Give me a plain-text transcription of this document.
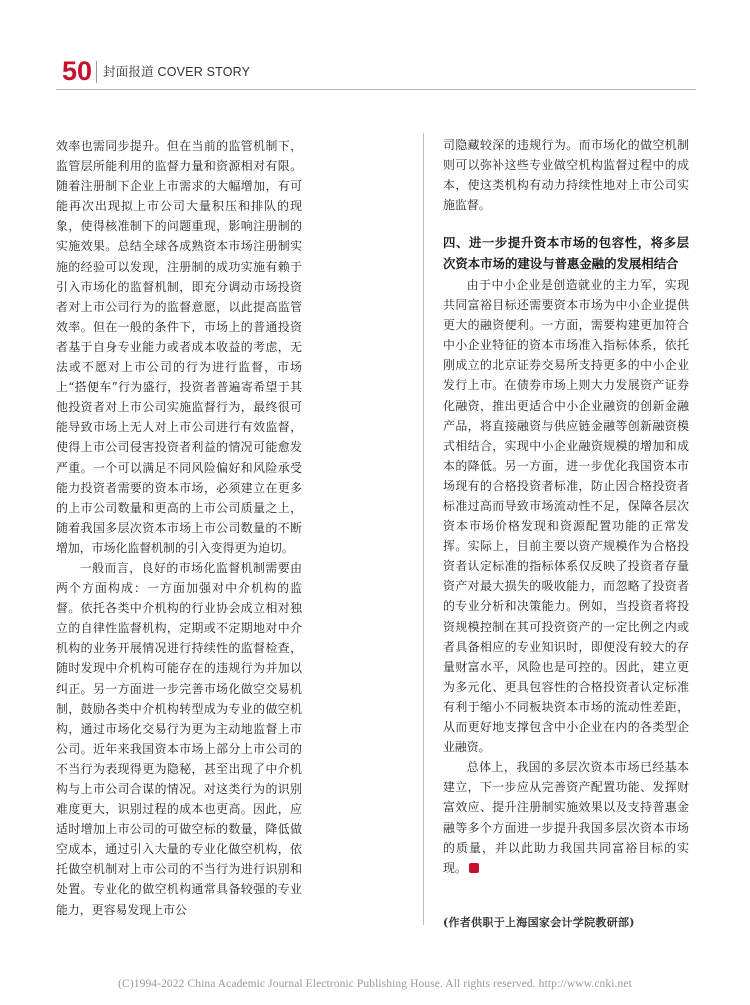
50 封面报道 COVER STORY

效率也需同步提升。但在当前的监管机制下，监管层所能利用的监督力量和资源相对有限。随着注册制下企业上市需求的大幅增加，有可能再次出现拟上市公司大量积压和排队的现象，使得核准制下的问题重现，影响注册制的实施效果。总结全球各成熟资本市场注册制实施的经验可以发现，注册制的成功实施有赖于引入市场化的监督机制，即充分调动市场投资者对上市公司行为的监督意愿，以此提高监管效率。但在一般的条件下，市场上的普通投资者基于自身专业能力或者成本收益的考虑，无法或不愿对上市公司的行为进行监督，市场上“搭便车”行为盛行，投资者普遍寄希望于其他投资者对上市公司实施监督行为，最终很可能导致市场上无人对上市公司进行有效监督，使得上市公司侵害投资者利益的情况可能愈发严重。一个可以满足不同风险偏好和风险承受能力投资者需要的资本市场，必须建立在更多的上市公司数量和更高的上市公司质量之上，随着我国多层次资本市场上市公司数量的不断增加，市场化监督机制的引入变得更为迫切。

一般而言，良好的市场化监督机制需要由两个方面构成：一方面加强对中介机构的监督。依托各类中介机构的行业协会成立相对独立的自律性监督机构，定期或不定期地对中介机构的业务开展情况进行持续性的监督检查，随时发现中介机构可能存在的违规行为并加以纠正。另一方面进一步完善市场化做空交易机制，鼓励各类中介机构转型成为专业的做空机构，通过市场化交易行为更为主动地监督上市公司。近年来我国资本市场上部分上市公司的不当行为表现得更为隐秘，甚至出现了中介机构与上市公司合谋的情况。对这类行为的识别难度更大，识别过程的成本也更高。因此，应适时增加上市公司的可做空标的数量，降低做空成本，通过引入大量的专业化做空机构，依托做空机制对上市公司的不当行为进行识别和处置。专业化的做空机构通常具备较强的专业能力，更容易发现上市公

司隐藏较深的违规行为。而市场化的做空机制则可以弥补这些专业做空机构监督过程中的成本，使这类机构有动力持续性地对上市公司实施监督。

四、进一步提升资本市场的包容性，将多层次资本市场的建设与普惠金融的发展相结合

由于中小企业是创造就业的主力军，实现共同富裕目标还需要资本市场为中小企业提供更大的融资便利。一方面，需要构建更加符合中小企业特征的资本市场准入指标体系，依托刚成立的北京证券交易所支持更多的中小企业发行上市。在债券市场上则大力发展资产证券化融资，推出更适合中小企业融资的创新金融产品，将直接融资与供应链金融等创新融资模式相结合，实现中小企业融资规模的增加和成本的降低。另一方面，进一步优化我国资本市场现有的合格投资者标准，防止因合格投资者标准过高而导致市场流动性不足，保障各层次资本市场价格发现和资源配置功能的正常发挥。实际上，目前主要以资产规模作为合格投资者认定标准的指标体系仅反映了投资者存量资产对最大损失的吸收能力，而忽略了投资者的专业分析和决策能力。例如，当投资者将投资规模控制在其可投资资产的一定比例之内或者具备相应的专业知识时，即便没有较大的存量财富水平，风险也是可控的。因此，建立更为多元化、更具包容性的合格投资者认定标准有利于缩小不同板块资本市场的流动性差距，从而更好地支撑包含中小企业在内的各类型企业融资。

总体上，我国的多层次资本市场已经基本建立，下一步应从完善资产配置功能、发挥财富效应、提升注册制实施效果以及支持普惠金融等多个方面进一步提升我国多层次资本市场的质量，并以此助力我国共同富裕目标的实现。

(作者供职于上海国家会计学院教研部)
(C)1994-2022 China Academic Journal Electronic Publishing House. All rights reserved. http://www.cnki.net
